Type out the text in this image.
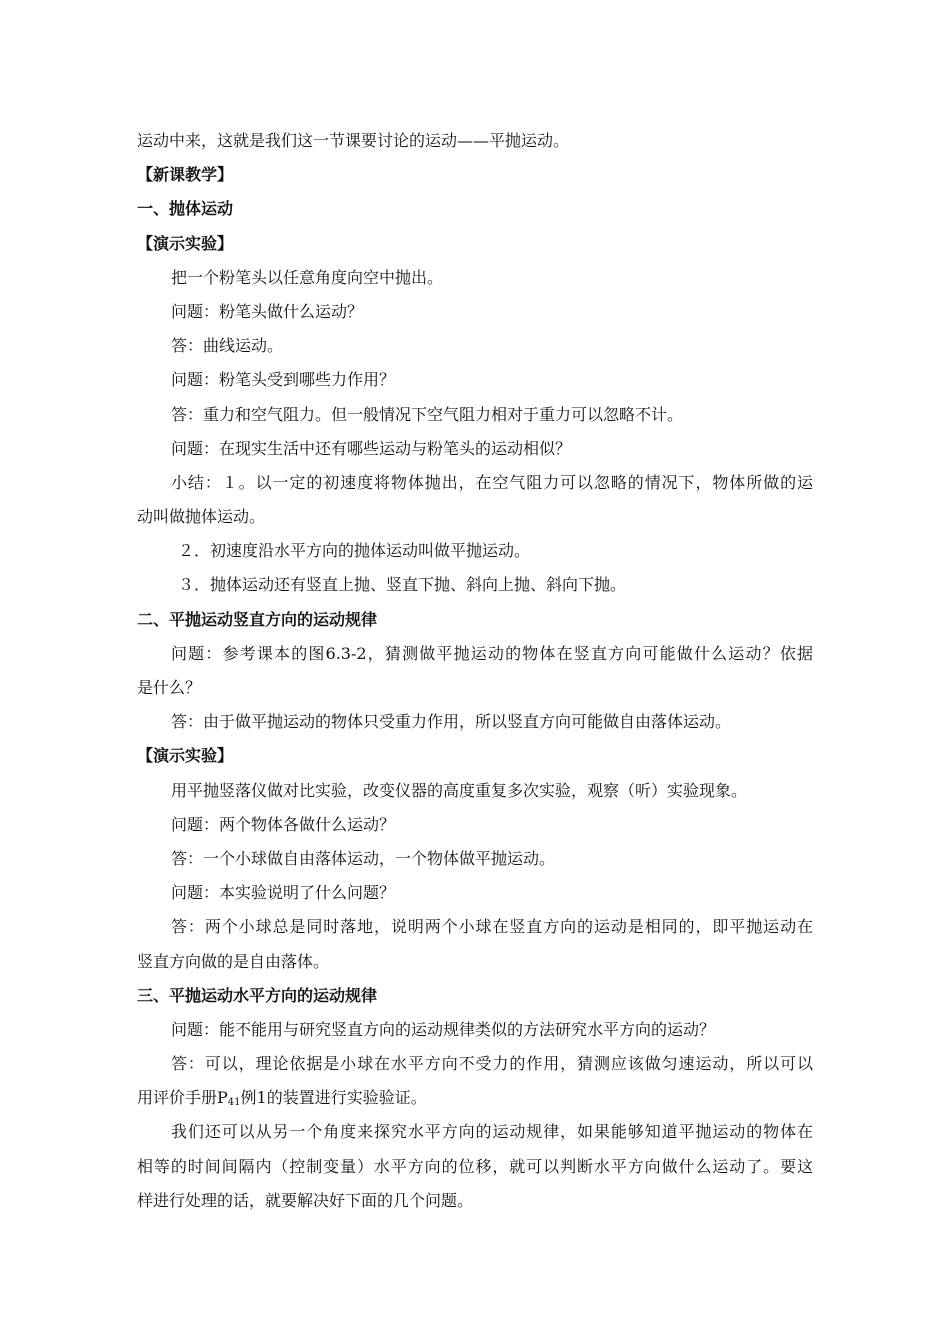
运动中来，这就是我们这一节课要讨论的运动——平抛运动。
【新课教学】
一、抛体运动
【演示实验】
把一个粉笔头以任意角度向空中抛出。
问题：粉笔头做什么运动？
答：曲线运动。
问题：粉笔头受到哪些力作用？
答：重力和空气阻力。但一般情况下空气阻力相对于重力可以忽略不计。
问题：在现实生活中还有哪些运动与粉笔头的运动相似？
小结：１。以一定的初速度将物体抛出，在空气阻力可以忽略的情况下，物体所做的运
动叫做抛体运动。
２．初速度沿水平方向的抛体运动叫做平抛运动。
３．抛体运动还有竖直上抛、竖直下抛、斜向上抛、斜向下抛。
二、平抛运动竖直方向的运动规律
问题：参考课本的图6.3-2，猜测做平抛运动的物体在竖直方向可能做什么运动？依据
是什么？
答：由于做平抛运动的物体只受重力作用，所以竖直方向可能做自由落体运动。
【演示实验】
用平抛竖落仪做对比实验，改变仪器的高度重复多次实验，观察（听）实验现象。
问题：两个物体各做什么运动？
答：一个小球做自由落体运动，一个物体做平抛运动。
问题：本实验说明了什么问题？
答：两个小球总是同时落地，说明两个小球在竖直方向的运动是相同的，即平抛运动在
竖直方向做的是自由落体。
三、平抛运动水平方向的运动规律
问题：能不能用与研究竖直方向的运动规律类似的方法研究水平方向的运动？
答：可以，理论依据是小球在水平方向不受力的作用，猜测应该做匀速运动，所以可以
用评价手册$P_{41}$例1的装置进行实验验证。
我们还可以从另一个角度来探究水平方向的运动规律，如果能够知道平抛运动的物体在
相等的时间间隔内（控制变量）水平方向的位移，就可以判断水平方向做什么运动了。要这
样进行处理的话，就要解决好下面的几个问题。
